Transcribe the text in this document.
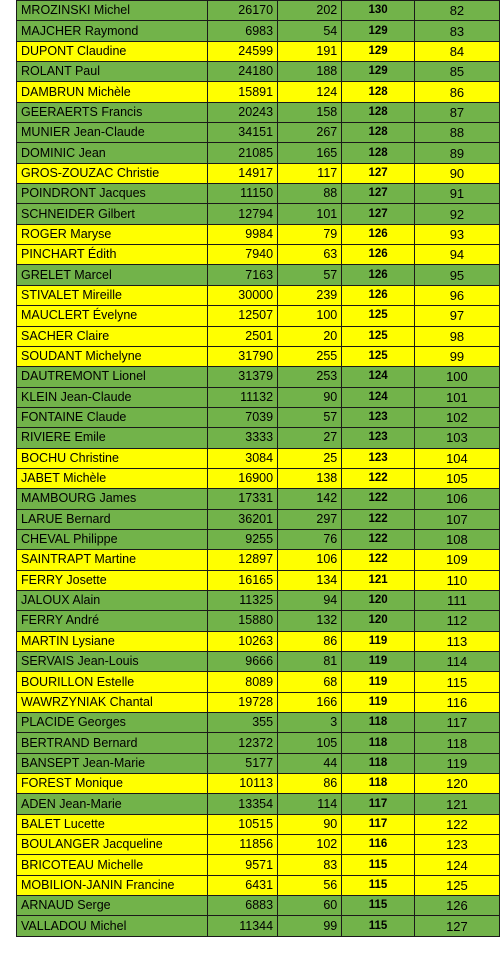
MROZINSKI Michel	26170	202	130	82
MAJCHER Raymond	6983	54	129	83
DUPONT Claudine	24599	191	129	84
ROLANT Paul	24180	188	129	85
DAMBRUN Michèle	15891	124	128	86
GEERAERTS Francis	20243	158	128	87
MUNIER Jean-Claude	34151	267	128	88
DOMINIC Jean	21085	165	128	89
GROS-ZOUZAC Christie	14917	117	127	90
POINDRONT Jacques	11150	88	127	91
SCHNEIDER Gilbert	12794	101	127	92
ROGER Maryse	9984	79	126	93
PINCHART Édith	7940	63	126	94
GRELET Marcel	7163	57	126	95
STIVALET Mireille	30000	239	126	96
MAUCLERT Évelyne	12507	100	125	97
SACHER Claire	2501	20	125	98
SOUDANT Michelyne	31790	255	125	99
DAUTREMONT Lionel	31379	253	124	100
KLEIN Jean-Claude	11132	90	124	101
FONTAINE Claude	7039	57	123	102
RIVIERE Emile	3333	27	123	103
BOCHU Christine	3084	25	123	104
JABET Michèle	16900	138	122	105
MAMBOURG James	17331	142	122	106
LARUE Bernard	36201	297	122	107
CHEVAL Philippe	9255	76	122	108
SAINTRAPT Martine	12897	106	122	109
FERRY Josette	16165	134	121	110
JALOUX Alain	11325	94	120	111
FERRY André	15880	132	120	112
MARTIN Lysiane	10263	86	119	113
SERVAIS Jean-Louis	9666	81	119	114
BOURILLON Estelle	8089	68	119	115
WAWRZYNIAK Chantal	19728	166	119	116
PLACIDE Georges	355	3	118	117
BERTRAND Bernard	12372	105	118	118
BANSEPT Jean-Marie	5177	44	118	119
FOREST Monique	10113	86	118	120
ADEN Jean-Marie	13354	114	117	121
BALET Lucette	10515	90	117	122
BOULANGER Jacqueline	11856	102	116	123
BRICOTEAU Michelle	9571	83	115	124
MOBILION-JANIN Francine	6431	56	115	125
ARNAUD Serge	6883	60	115	126
VALLADOU Michel	11344	99	115	127
